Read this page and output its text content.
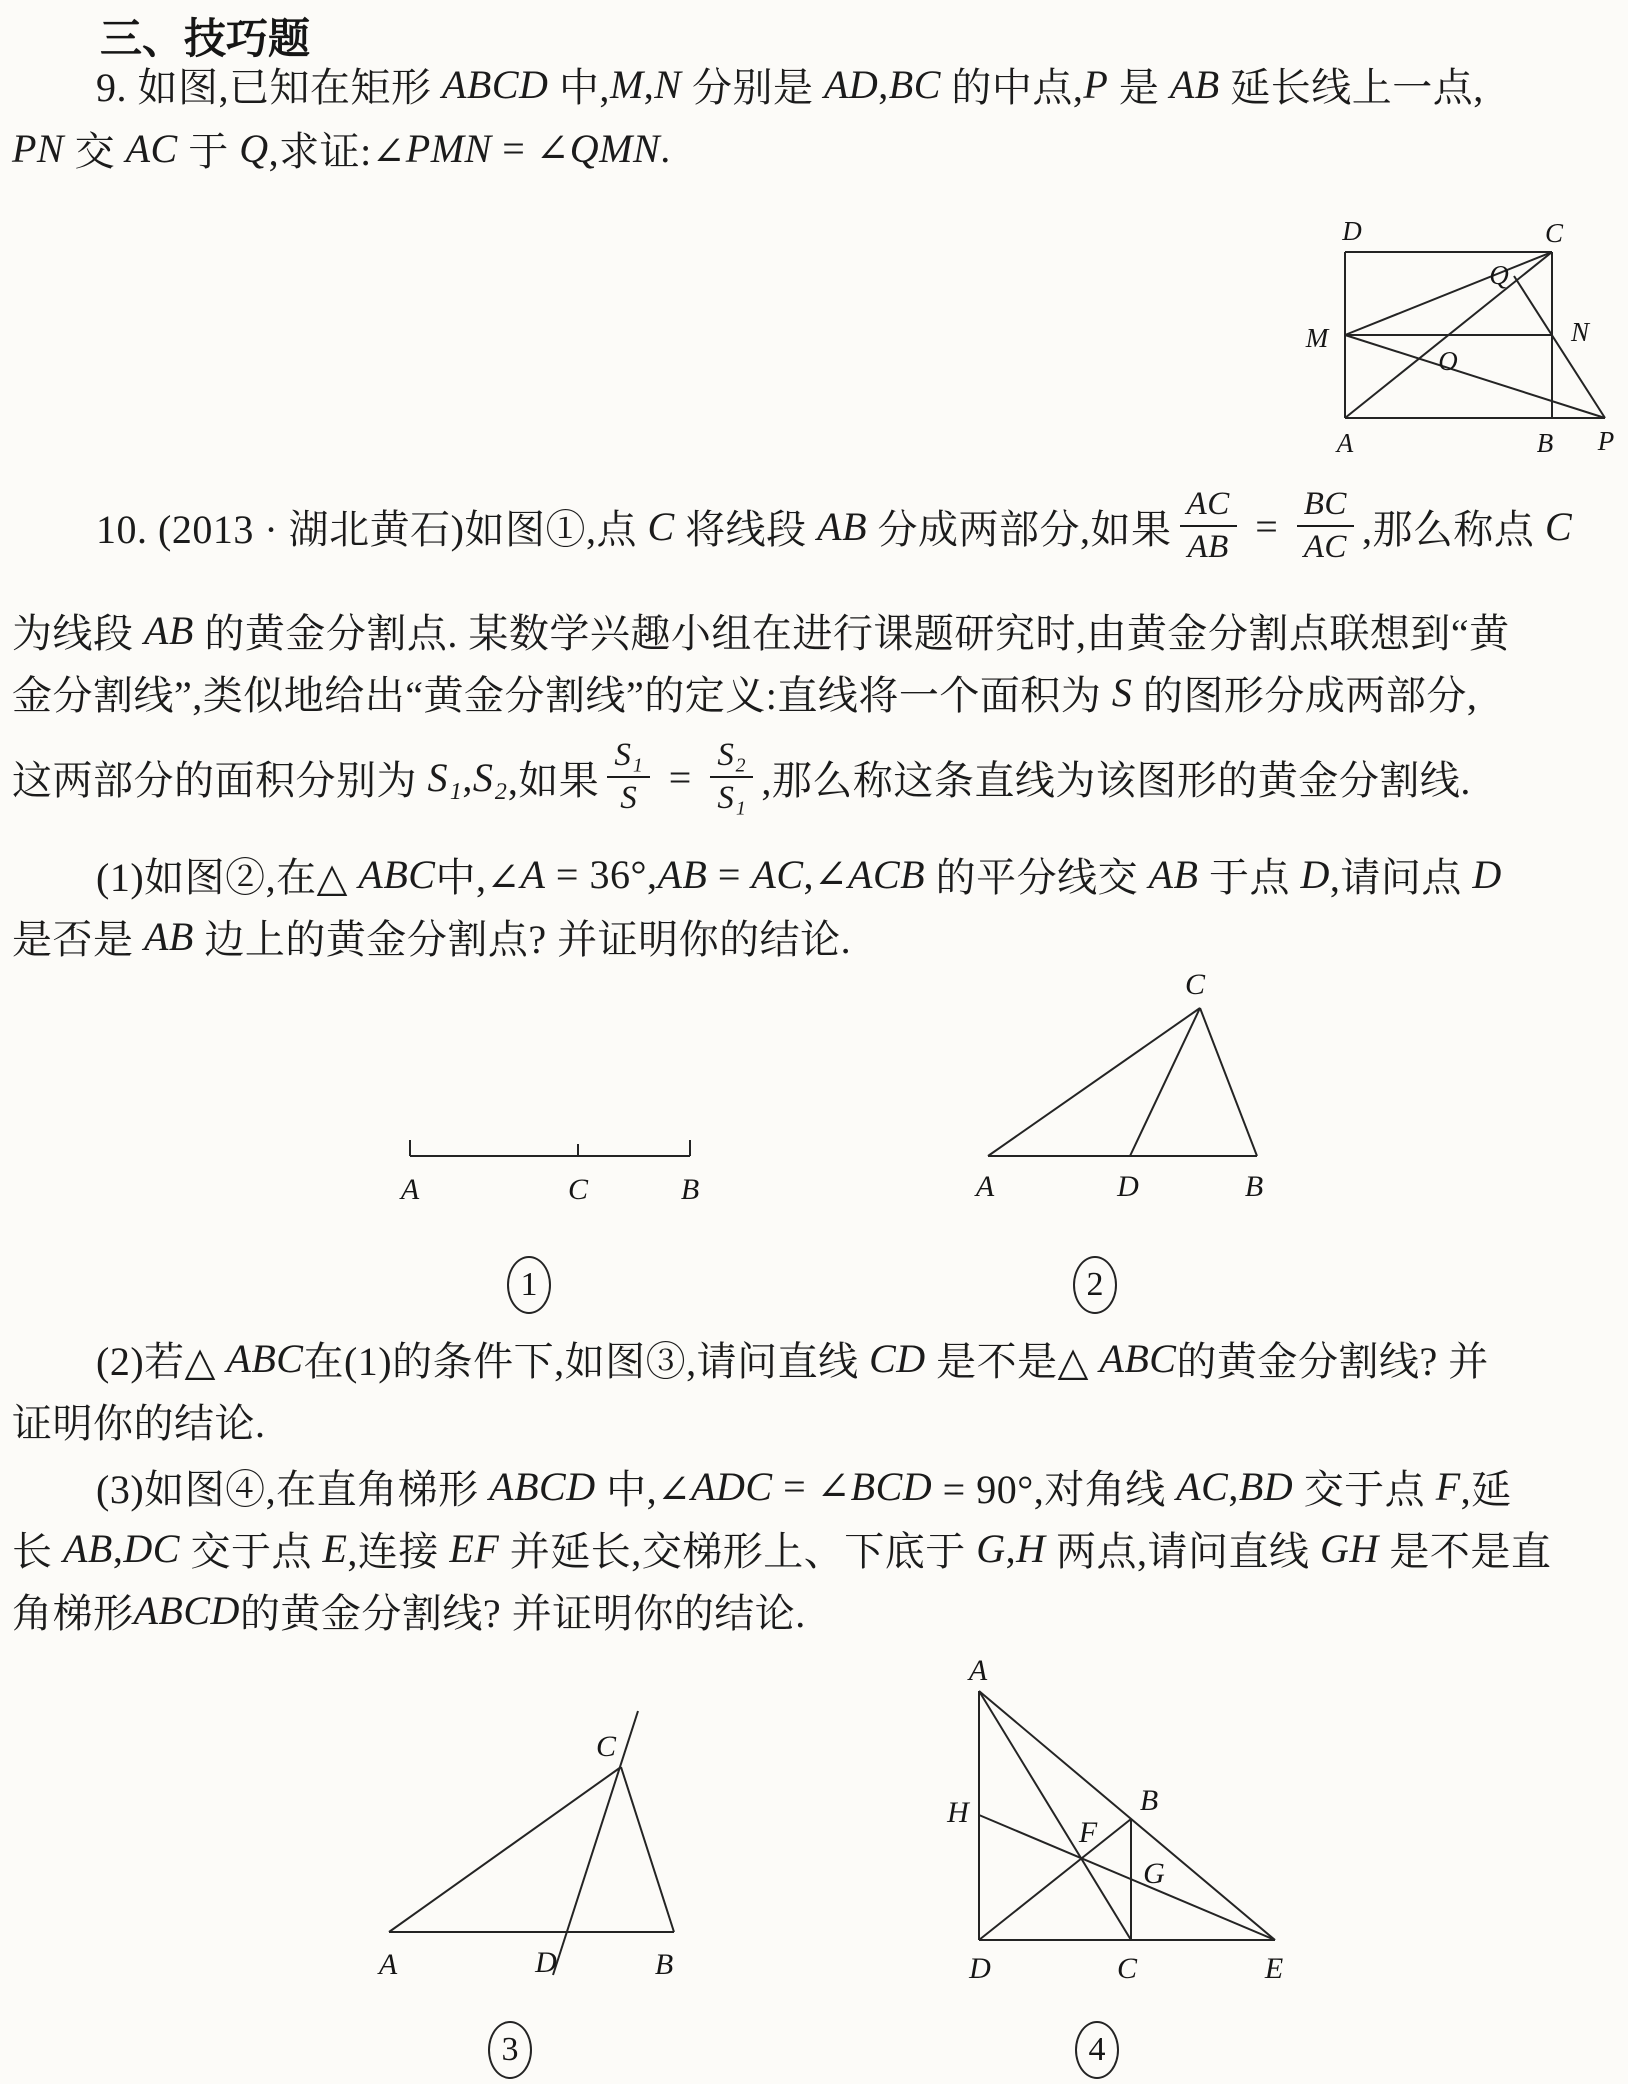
三、技巧题
9. 如图,已知在矩形 ABCD 中, M , N 分别是 AD , BC 的中点, P 是 AB 延长线上一点,
PN 交 AC 于 Q ,求证:∠ PMN = ∠ QMN .
D	C
Q
M	N
O
A	B P
10. (2013 · 湖北黄石)如图①,点 C 将线段 AB 分成两部分,如果 $\frac{AC}{AB} = \frac{BC}{AC}$ ,那么称点 C
为线段 AB 的黄金分割点. 某数学兴趣小组在进行课题研究时,由黄金分割点联想到“黄
金分割线”,类似地给出“黄金分割线”的定义:直线将一个面积为 S 的图形分成两部分,
这两部分的面积分别为 S₁ , S₂ ,如果 $\frac{\text{S₁}}{S} = \frac{\text{S₂}}{\text{S₁}}$ ,那么称这条直线为该图形的黄金分割线.
(1)如图②,在△ ABC 中,∠ A = 36°, AB = AC ,∠ ACB 的平分线交 AB 于点 D ,请问点 D
是否是 AB 边上的黄金分割点? 并证明你的结论.
A	C	B
C
A	D	B
1	2
(2)若△ ABC 在(1)的条件下,如图③,请问直线 CD 是不是△ ABC 的黄金分割线? 并
证明你的结论.
(3)如图④,在直角梯形 ABCD 中,∠ ADC = ∠ BCD = 90°,对角线 AC , BD 交于点 F ,延
长 AB , DC 交于点 E ,连接 EF 并延长,交梯形上、下底于 G , H 两点,请问直线 GH 是不是直
角梯形 ABCD 的黄金分割线? 并证明你的结论.
C
A	D	B
A
H
F
B
G
D	C	E
3	4
